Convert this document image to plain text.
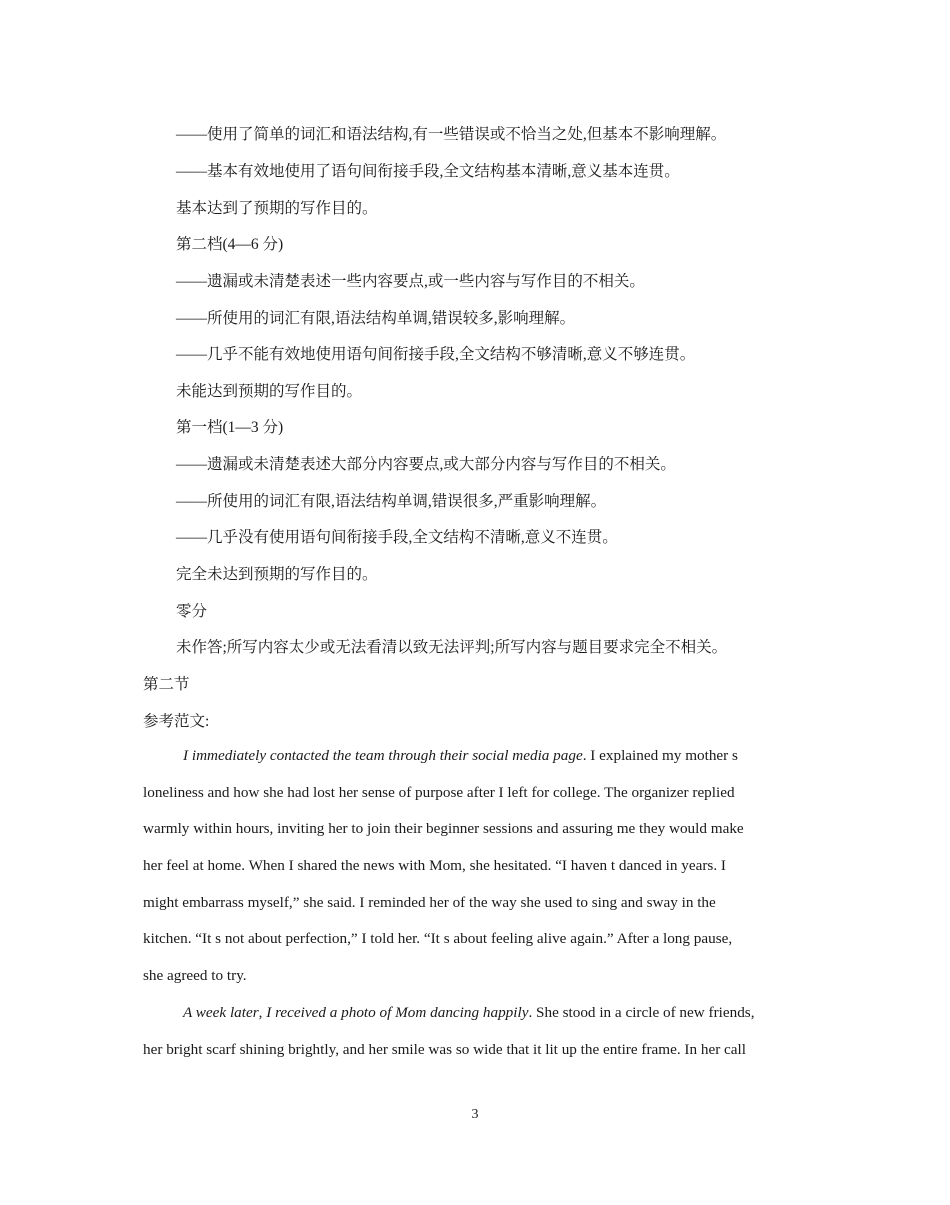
——使用了简单的词汇和语法结构,有一些错误或不恰当之处,但基本不影响理解。
——基本有效地使用了语句间衔接手段,全文结构基本清晰,意义基本连贯。
基本达到了预期的写作目的。
第二档(4—6 分)
——遗漏或未清楚表述一些内容要点,或一些内容与写作目的不相关。
——所使用的词汇有限,语法结构单调,错误较多,影响理解。
——几乎不能有效地使用语句间衔接手段,全文结构不够清晰,意义不够连贯。
未能达到预期的写作目的。
第一档(1—3 分)
——遗漏或未清楚表述大部分内容要点,或大部分内容与写作目的不相关。
——所使用的词汇有限,语法结构单调,错误很多,严重影响理解。
——几乎没有使用语句间衔接手段,全文结构不清晰,意义不连贯。
完全未达到预期的写作目的。
零分
未作答;所写内容太少或无法看清以致无法评判;所写内容与题目要求完全不相关。
第二节
参考范文:
I immediately contacted the team through their social media page. I explained my mother s
loneliness and how she had lost her sense of purpose after I left for college. The organizer replied
warmly within hours, inviting her to join their beginner sessions and assuring me they would make
her feel at home. When I shared the news with Mom, she hesitated. “I haven t danced in years. I
might embarrass myself,” she said. I reminded her of the way she used to sing and sway in the
kitchen. “It s not about perfection,” I told her. “It s about feeling alive again.” After a long pause,
she agreed to try.
A week later, I received a photo of Mom dancing happily. She stood in a circle of new friends,
her bright scarf shining brightly, and her smile was so wide that it lit up the entire frame. In her call
3
